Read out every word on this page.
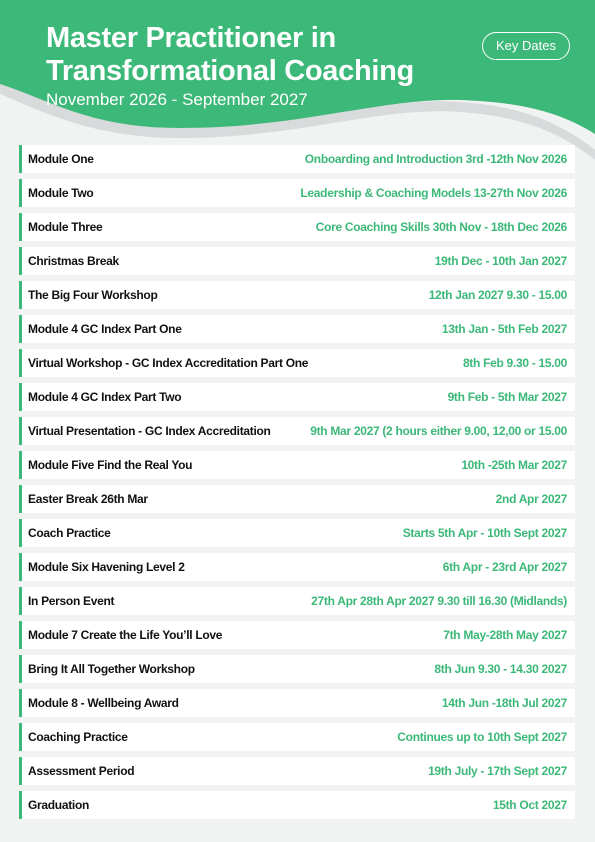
Master Practitioner in
Transformational Coaching

November 2026 - September 2027

Key Dates
Module One	Onboarding and Introduction 3rd -12th Nov 2026
Module Two	Leadership & Coaching Models 13-27th Nov 2026
Module Three	Core Coaching Skills 30th Nov - 18th Dec 2026
Christmas Break	19th Dec - 10th Jan 2027
The Big Four Workshop	12th Jan 2027 9.30 - 15.00
Module 4 GC Index Part One	13th Jan - 5th Feb 2027
Virtual Workshop - GC Index Accreditation Part One	8th Feb 9.30 - 15.00
Module 4 GC Index Part Two	9th Feb - 5th Mar 2027
Virtual Presentation - GC Index Accreditation	9th Mar 2027 (2 hours either 9.00, 12,00 or 15.00
Module Five Find the Real You	10th -25th Mar 2027
Easter Break 26th Mar	2nd Apr 2027
Coach Practice	Starts 5th Apr - 10th Sept 2027
Module Six Havening Level 2	6th Apr - 23rd Apr 2027
In Person Event	27th Apr 28th Apr 2027 9.30 till 16.30 (Midlands)
Module 7 Create the Life You’ll Love	7th May-28th May 2027
Bring It All Together Workshop	8th Jun 9.30 - 14.30 2027
Module 8 - Wellbeing Award	14th Jun -18th Jul 2027
Coaching Practice	Continues up to 10th Sept 2027
Assessment Period	19th July - 17th Sept 2027
Graduation	15th Oct 2027
